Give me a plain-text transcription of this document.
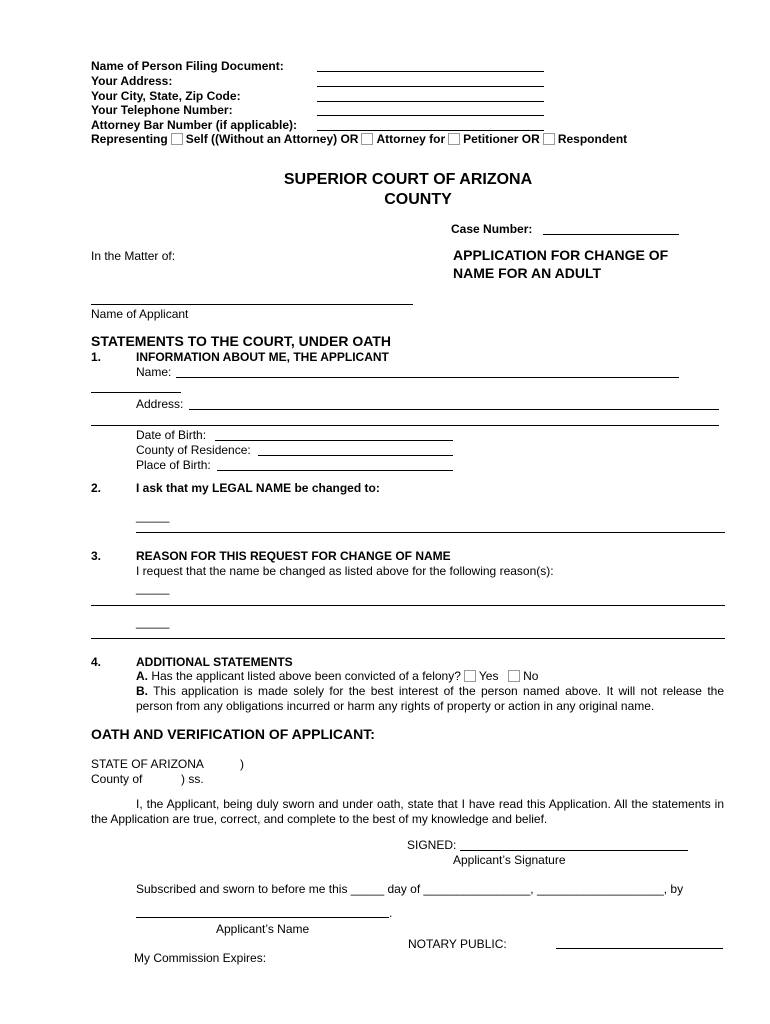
Name of Person Filing Document:
Your Address:
Your City, State, Zip Code:
Your Telephone Number:
Attorney Bar Number (if applicable):
Representing Self ((Without an Attorney) OR Attorney for Petitioner OR Respondent
SUPERIOR COURT OF ARIZONA
COUNTY
Case Number:
In the Matter of:	APPLICATION FOR CHANGE OF
NAME FOR AN ADULT
Name of Applicant
STATEMENTS TO THE COURT, UNDER OATH
1.	INFORMATION ABOUT ME, THE APPLICANT
Name:
Address:
Date of Birth:
County of Residence:
Place of Birth:
2.	I ask that my LEGAL NAME be changed to:
_____
3.	REASON FOR THIS REQUEST FOR CHANGE OF NAME
I request that the name be changed as listed above for the following reason(s):
_____
_____
4.	ADDITIONAL STATEMENTS
A. Has the applicant listed above been convicted of a felony? Yes No
B. This application is made solely for the best interest of the person named above. It will not release the person from any obligations incurred or harm any rights of property or action in any original name.
OATH AND VERIFICATION OF APPLICANT:
STATE OF ARIZONA	)
County of	) ss.
I, the Applicant, being duly sworn and under oath, state that I have read this Application. All the statements in the Application are true, correct, and complete to the best of my knowledge and belief.
SIGNED:
Applicant’s Signature
Subscribed and sworn to before me this _____ day of ________________, ___________________, by
.
Applicant’s Name
NOTARY PUBLIC:
My Commission Expires:
